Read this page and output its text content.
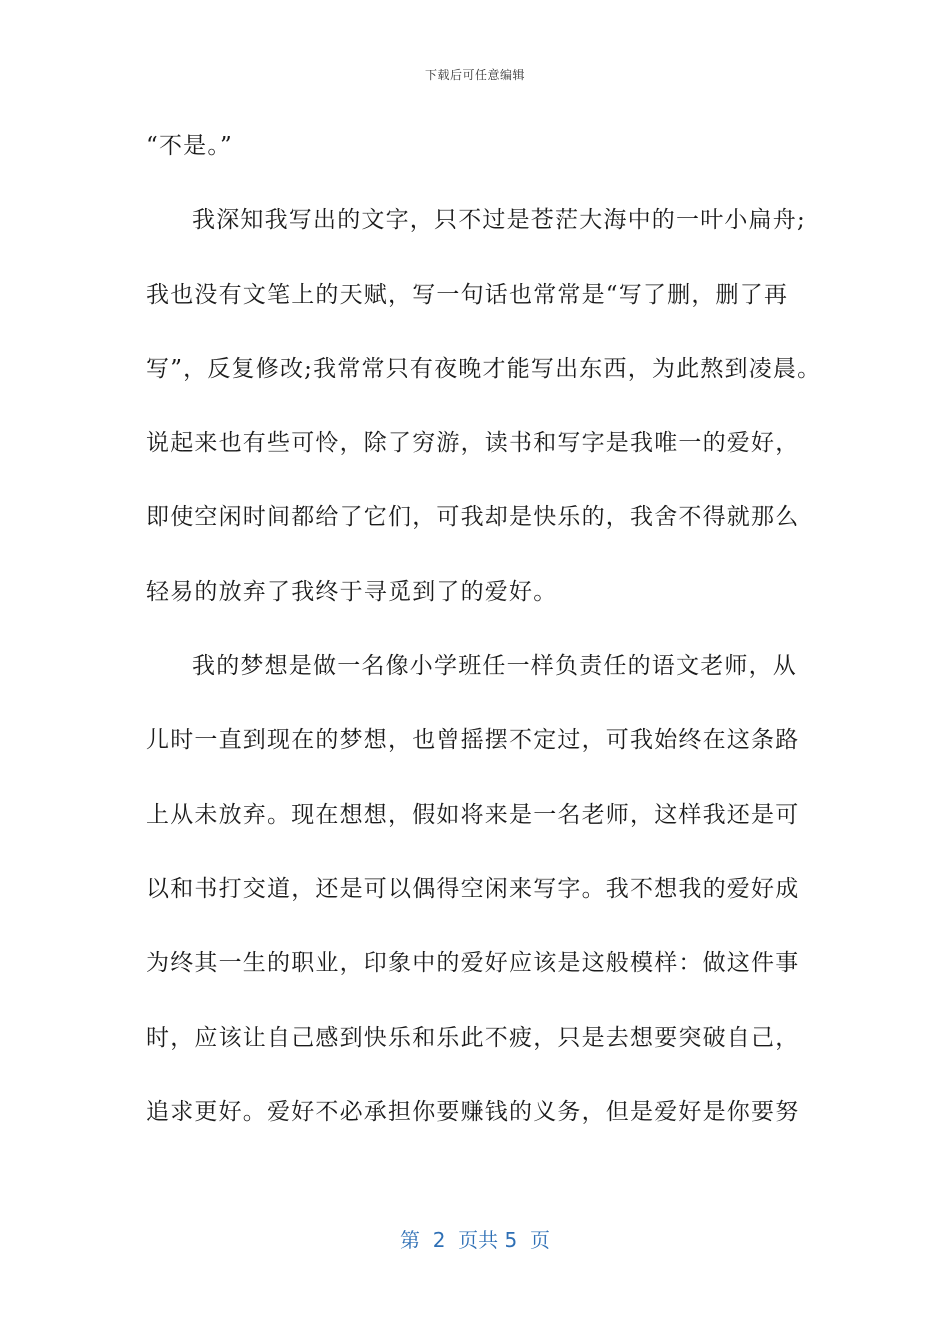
下载后可任意编辑
“不是。”
我深知我写出的文字，只不过是苍茫大海中的一叶小扁舟;
我也没有文笔上的天赋，写一句话也常常是“写了删，删了再
写”，反复修改;我常常只有夜晚才能写出东西，为此熬到凌晨。
说起来也有些可怜，除了穷游，读书和写字是我唯一的爱好，
即使空闲时间都给了它们，可我却是快乐的，我舍不得就那么
轻易的放弃了我终于寻觅到了的爱好。
我的梦想是做一名像小学班任一样负责任的语文老师，从
儿时一直到现在的梦想，也曾摇摆不定过，可我始终在这条路
上从未放弃。现在想想，假如将来是一名老师，这样我还是可
以和书打交道，还是可以偶得空闲来写字。我不想我的爱好成
为终其一生的职业，印象中的爱好应该是这般模样：做这件事
时，应该让自己感到快乐和乐此不疲，只是去想要突破自己，
追求更好。爱好不必承担你要赚钱的义务，但是爱好是你要努
第  2  页共 5  页
